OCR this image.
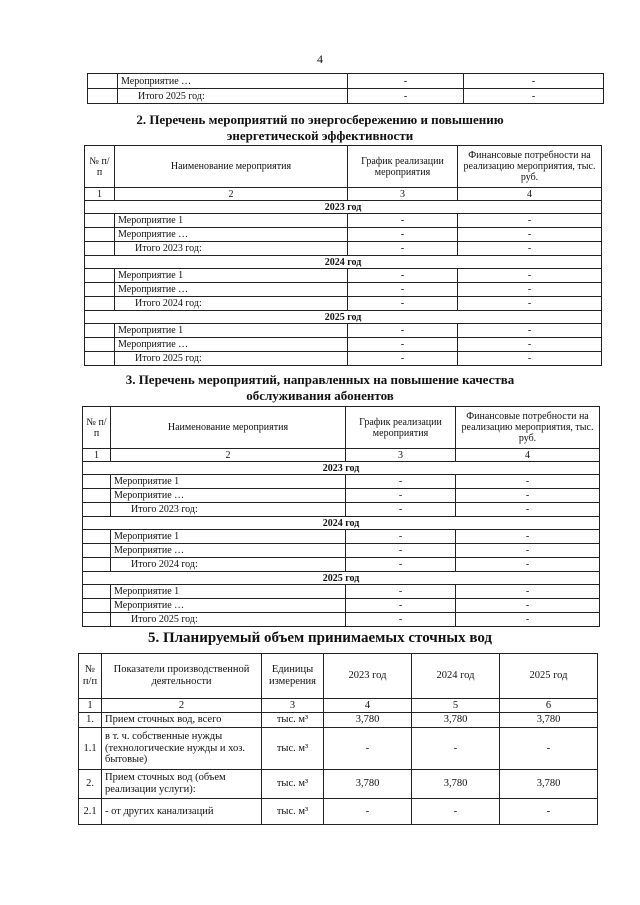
4
	Мероприятие …	-	-
	Итого 2025 год:	-	-
2. Перечень мероприятий по энергосбережению и повышению
энергетической эффективности
№ п/п	Наименование мероприятия	График реализации мероприятия	Финансовые потребности на реализацию мероприятия, тыс. руб.
1	2	3	4
2023 год			
	Мероприятие 1	-	-
	Мероприятие …	-	-
	Итого 2023 год:	-	-
2024 год			
	Мероприятие 1	-	-
	Мероприятие …	-	-
	Итого 2024 год:	-	-
2025 год			
	Мероприятие 1	-	-
	Мероприятие …	-	-
	Итого 2025 год:	-	-
3. Перечень мероприятий, направленных на повышение качества
обслуживания абонентов
№ п/п	Наименование мероприятия	График реализации мероприятия	Финансовые потребности на реализацию мероприятия, тыс. руб.
1	2	3	4
2023 год			
	Мероприятие 1	-	-
	Мероприятие …	-	-
	Итого 2023 год:	-	-
2024 год			
	Мероприятие 1	-	-
	Мероприятие …	-	-
	Итого 2024 год:	-	-
2025 год			
	Мероприятие 1	-	-
	Мероприятие …	-	-
	Итого 2025 год:	-	-
5. Планируемый объем принимаемых сточных вод
№ п/п	Показатели производственной деятельности	Единицы измерения	2023 год	2024 год	2025 год
1	2	3	4	5	6
1.	Прием сточных вод, всего	тыс. м³	3,780	3,780	3,780
1.1	в т. ч. собственные нужды (технологические нужды и хоз. бытовые)	тыс. м³	-	-	-
2.	Прием сточных вод (объем реализации услуги):	тыс. м³	3,780	3,780	3,780
2.1	- от других канализаций	тыс. м³	-	-	-
